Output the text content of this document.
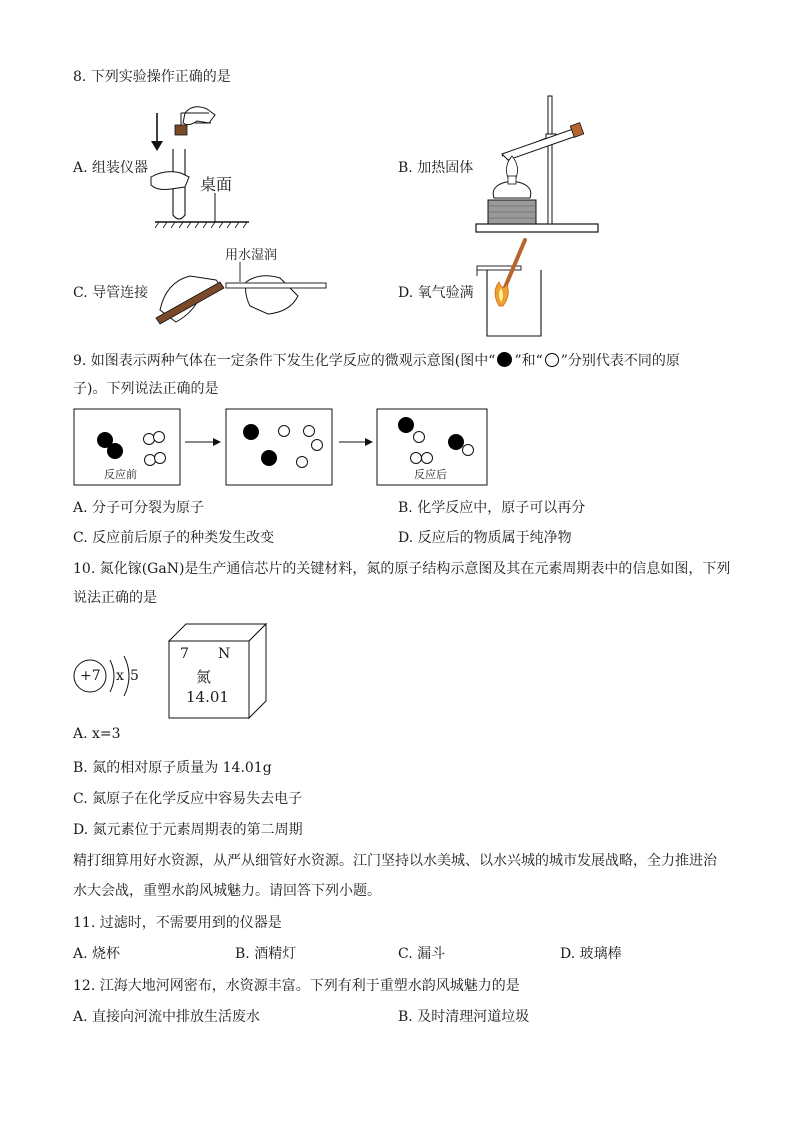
8. 下列实验操作正确的是
A. 组装仪器	B. 加热固体
C. 导管连接	D. 氧气验满
桌面
用水湿润
9. 如图表示两种气体在一定条件下发生化学反应的微观示意图(图中“ ”和“ ”分别代表不同的原
子)。下列说法正确的是
反应前	反应后
A. 分子可分裂为原子	B. 化学反应中，原子可以再分
C. 反应前后原子的种类发生改变	D. 反应后的物质属于纯净物
10. 氮化镓(GaN)是生产通信芯片的关键材料，氮的原子结构示意图及其在元素周期表中的信息如图，下列
说法正确的是
+7 x 5
7 N
氮
14.01
A. x=3
B. 氮的相对原子质量为 14.01g
C. 氮原子在化学反应中容易失去电子
D. 氮元素位于元素周期表的第二周期
精打细算用好水资源，从严从细管好水资源。江门坚持以水美城、以水兴城的城市发展战略，全力推进治
水大会战，重塑水韵风城魅力。请回答下列小题。
11. 过滤时，不需要用到的仪器是
A. 烧杯	B. 酒精灯	C. 漏斗	D. 玻璃棒
12. 江海大地河网密布，水资源丰富。下列有利于重塑水韵风城魅力的是
A. 直接向河流中排放生活废水	B. 及时清理河道垃圾
